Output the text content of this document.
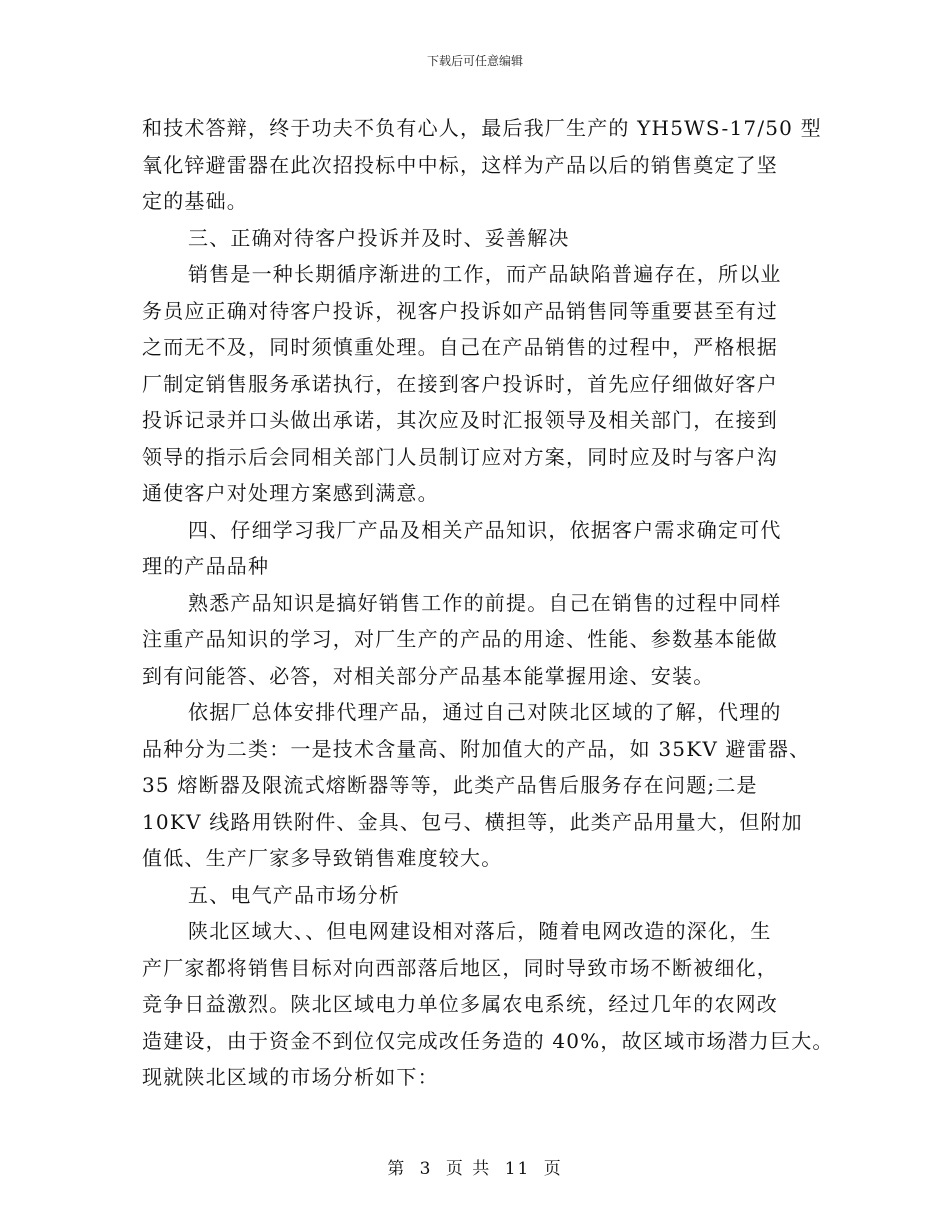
下载后可任意编辑
和技术答辩，终于功夫不负有心人，最后我厂生产的 YH5WS-17/50 型
氧化锌避雷器在此次招投标中中标，这样为产品以后的销售奠定了坚
定的基础。
三、正确对待客户投诉并及时、妥善解决
销售是一种长期循序渐进的工作，而产品缺陷普遍存在，所以业
务员应正确对待客户投诉，视客户投诉如产品销售同等重要甚至有过
之而无不及，同时须慎重处理。自己在产品销售的过程中，严格根据
厂制定销售服务承诺执行，在接到客户投诉时，首先应仔细做好客户
投诉记录并口头做出承诺，其次应及时汇报领导及相关部门，在接到
领导的指示后会同相关部门人员制订应对方案，同时应及时与客户沟
通使客户对处理方案感到满意。
四、仔细学习我厂产品及相关产品知识，依据客户需求确定可代
理的产品品种
熟悉产品知识是搞好销售工作的前提。自己在销售的过程中同样
注重产品知识的学习，对厂生产的产品的用途、性能、参数基本能做
到有问能答、必答，对相关部分产品基本能掌握用途、安装。
依据厂总体安排代理产品，通过自己对陕北区域的了解，代理的
品种分为二类：一是技术含量高、附加值大的产品，如 35KV 避雷器、
35 熔断器及限流式熔断器等等，此类产品售后服务存在问题;二是
10KV 线路用铁附件、金具、包弓、横担等，此类产品用量大，但附加
值低、生产厂家多导致销售难度较大。
五、电气产品市场分析
陕北区域大、、但电网建设相对落后，随着电网改造的深化，生
产厂家都将销售目标对向西部落后地区，同时导致市场不断被细化，
竞争日益激烈。陕北区域电力单位多属农电系统，经过几年的农网改
造建设，由于资金不到位仅完成改任务造的 40%，故区域市场潜力巨大。
现就陕北区域的市场分析如下：
第 3 页 共 11 页
